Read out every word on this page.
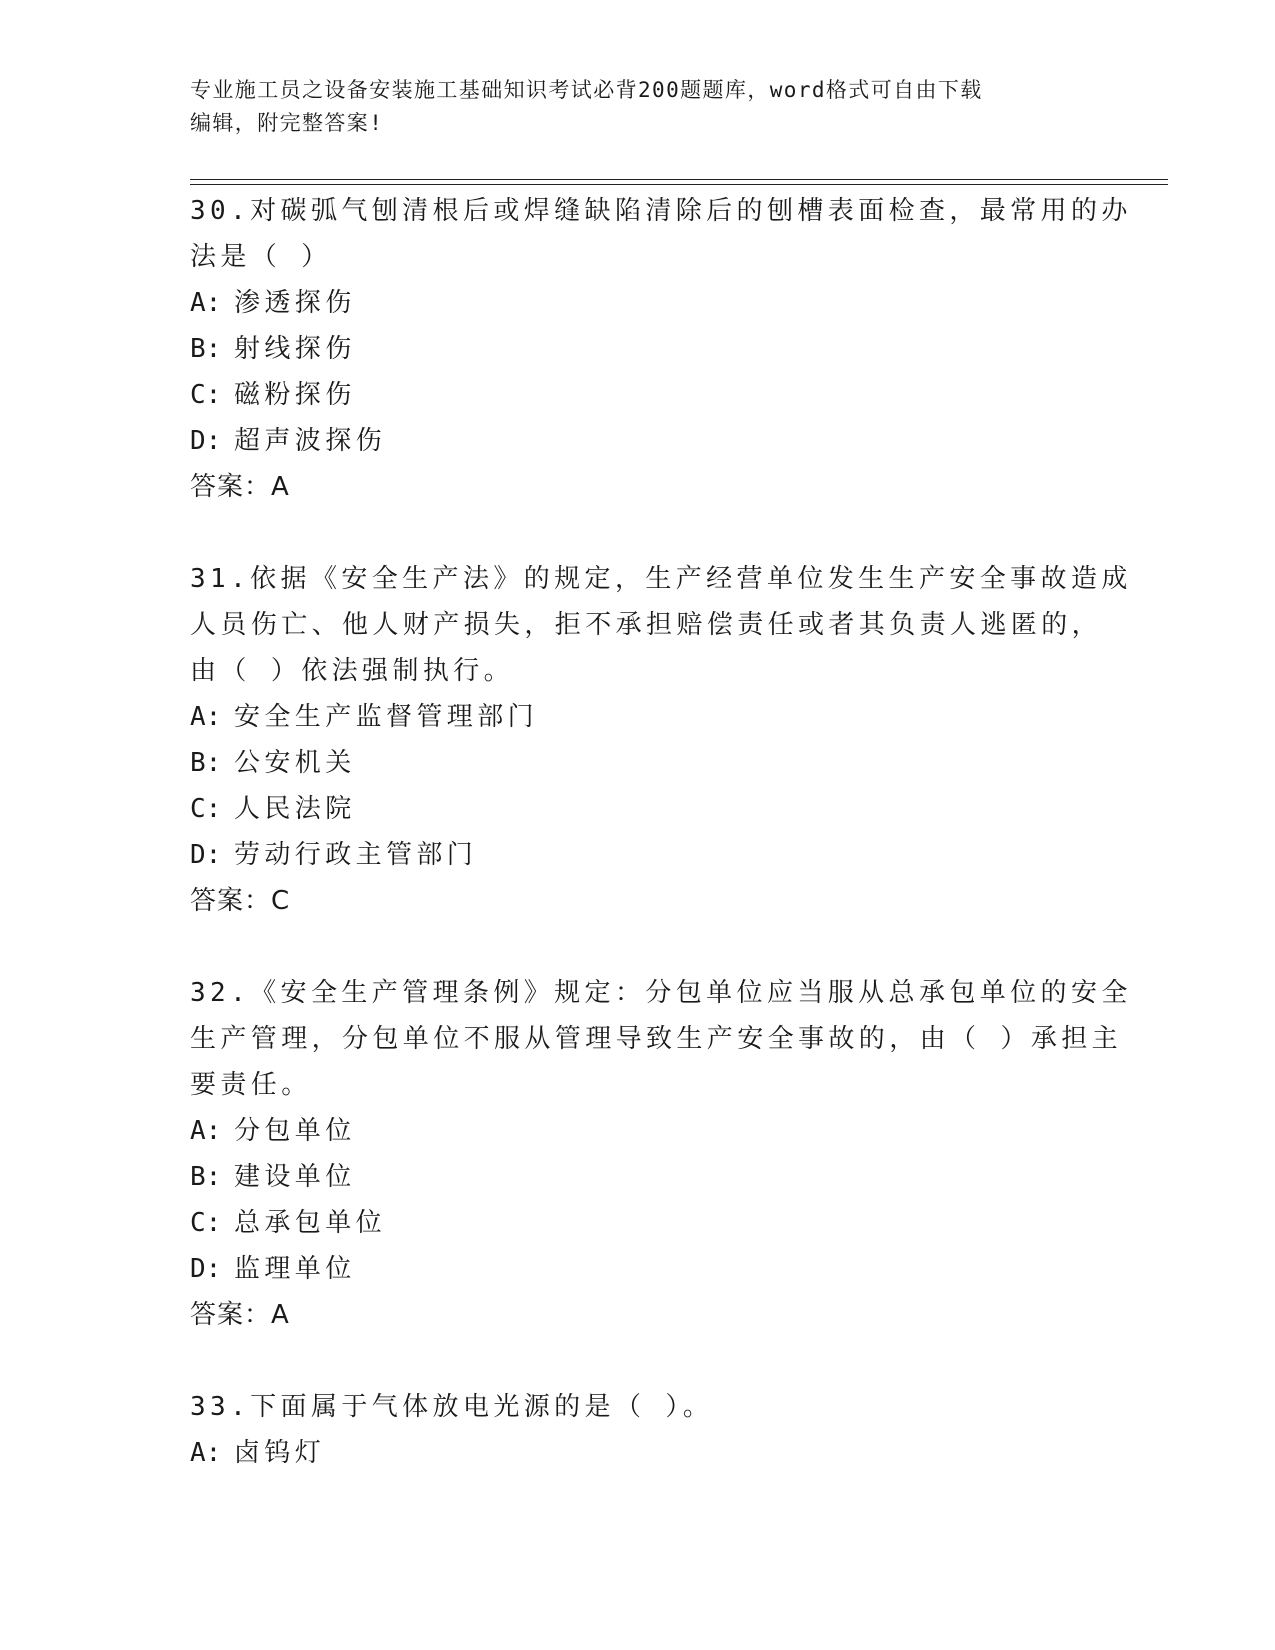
专业施工员之设备安装施工基础知识考试必背200题题库，word格式可自由下载
编辑，附完整答案!
30.对碳弧气刨清根后或焊缝缺陷清除后的刨槽表面检查，最常用的办
法是（ ）
A: 渗透探伤
B: 射线探伤
C: 磁粉探伤
D: 超声波探伤
答案：A
31.依据《安全生产法》的规定，生产经营单位发生生产安全事故造成
人员伤亡、他人财产损失，拒不承担赔偿责任或者其负责人逃匿的，
由（ ）依法强制执行。
A: 安全生产监督管理部门
B: 公安机关
C: 人民法院
D: 劳动行政主管部门
答案：C
32.《安全生产管理条例》规定：分包单位应当服从总承包单位的安全
生产管理，分包单位不服从管理导致生产安全事故的，由（ ）承担主
要责任。
A: 分包单位
B: 建设单位
C: 总承包单位
D: 监理单位
答案：A
33.下面属于气体放电光源的是（ ）。
A: 卤钨灯
